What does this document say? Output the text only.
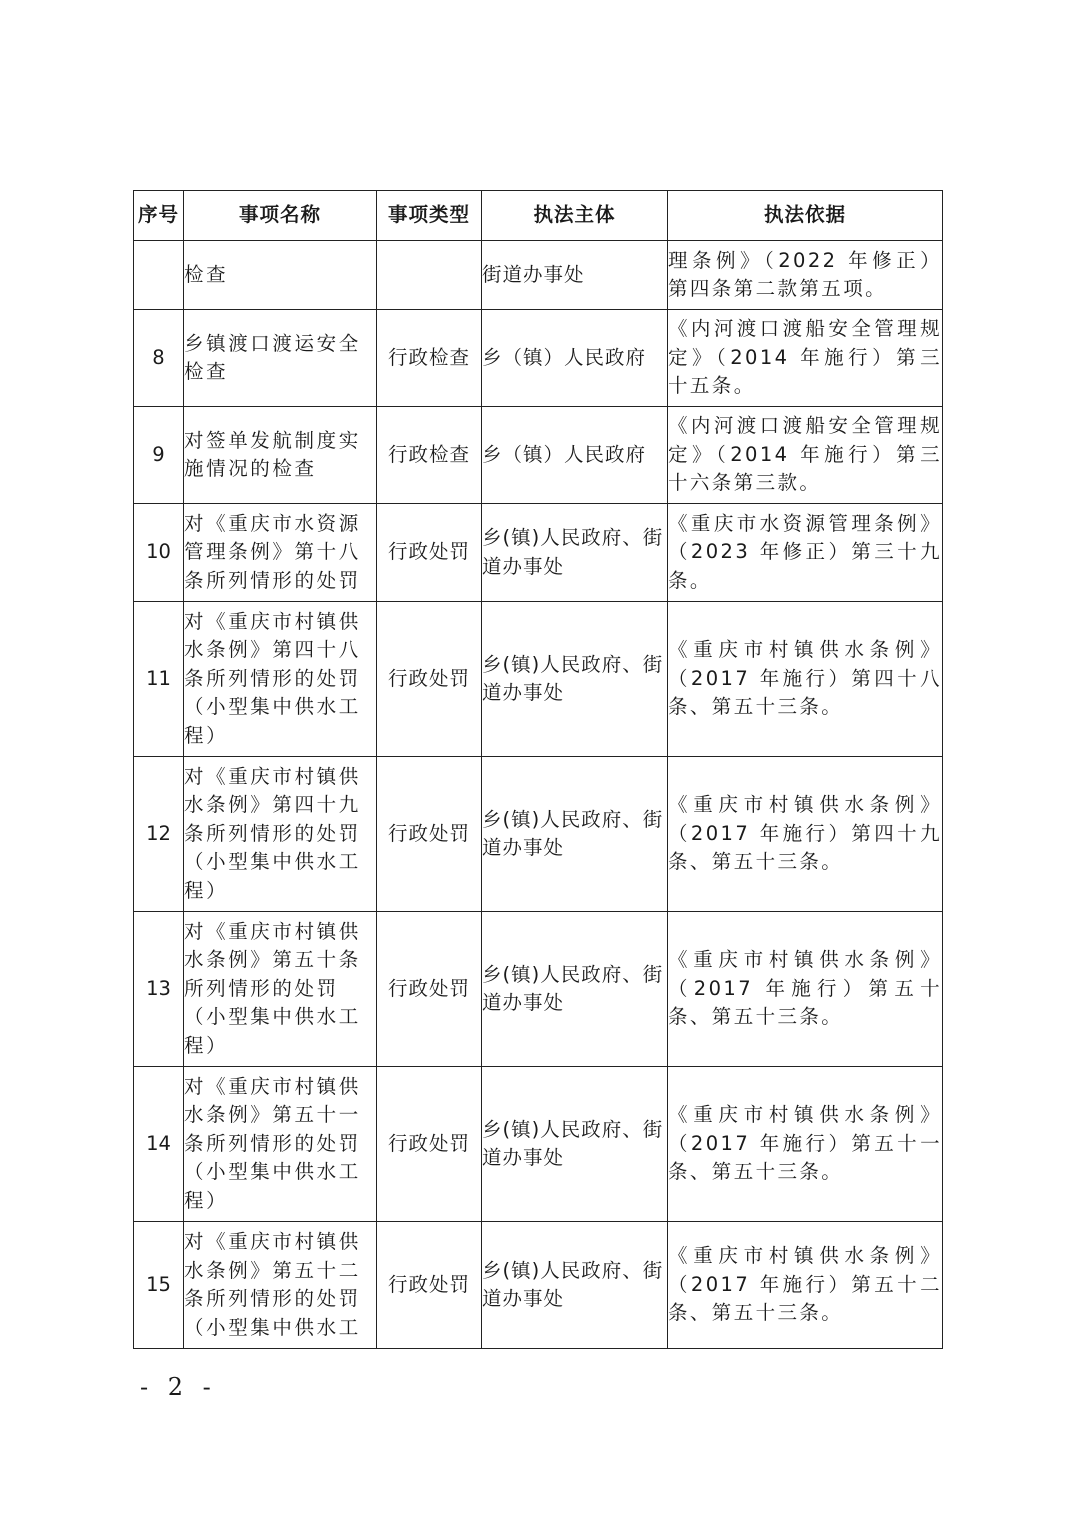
序号	事项名称	事项类型	执法主体	执法依据
	检查		街道办事处	理条例》（2022 年修正）第四条第二款第五项。
8	乡镇渡口渡运安全检查	行政检查	乡（镇）人民政府	《内河渡口渡船安全管理规定》（2014 年施行）第三十五条。
9	对签单发航制度实施情况的检查	行政检查	乡（镇）人民政府	《内河渡口渡船安全管理规定》（2014 年施行）第三十六条第三款。
10	对《重庆市水资源管理条例》第十八条所列情形的处罚	行政处罚	乡(镇)人民政府、街道办事处	《重庆市水资源管理条例》（2023 年修正）第三十九条。
11	对《重庆市村镇供水条例》第四十八条所列情形的处罚（小型集中供水工程）	行政处罚	乡(镇)人民政府、街道办事处	《重庆市村镇供水条例》（2017 年施行）第四十八条、第五十三条。
12	对《重庆市村镇供水条例》第四十九条所列情形的处罚（小型集中供水工程）	行政处罚	乡(镇)人民政府、街道办事处	《重庆市村镇供水条例》（2017 年施行）第四十九条、第五十三条。
13	对《重庆市村镇供水条例》第五十条所列情形的处罚（小型集中供水工程）	行政处罚	乡(镇)人民政府、街道办事处	《重庆市村镇供水条例》（2017 年施行）第五十条、第五十三条。
14	对《重庆市村镇供水条例》第五十一条所列情形的处罚（小型集中供水工程）	行政处罚	乡(镇)人民政府、街道办事处	《重庆市村镇供水条例》（2017 年施行）第五十一条、第五十三条。
15	对《重庆市村镇供水条例》第五十二条所列情形的处罚（小型集中供水工	行政处罚	乡(镇)人民政府、街道办事处	《重庆市村镇供水条例》（2017 年施行）第五十二条、第五十三条。
- 2 -
